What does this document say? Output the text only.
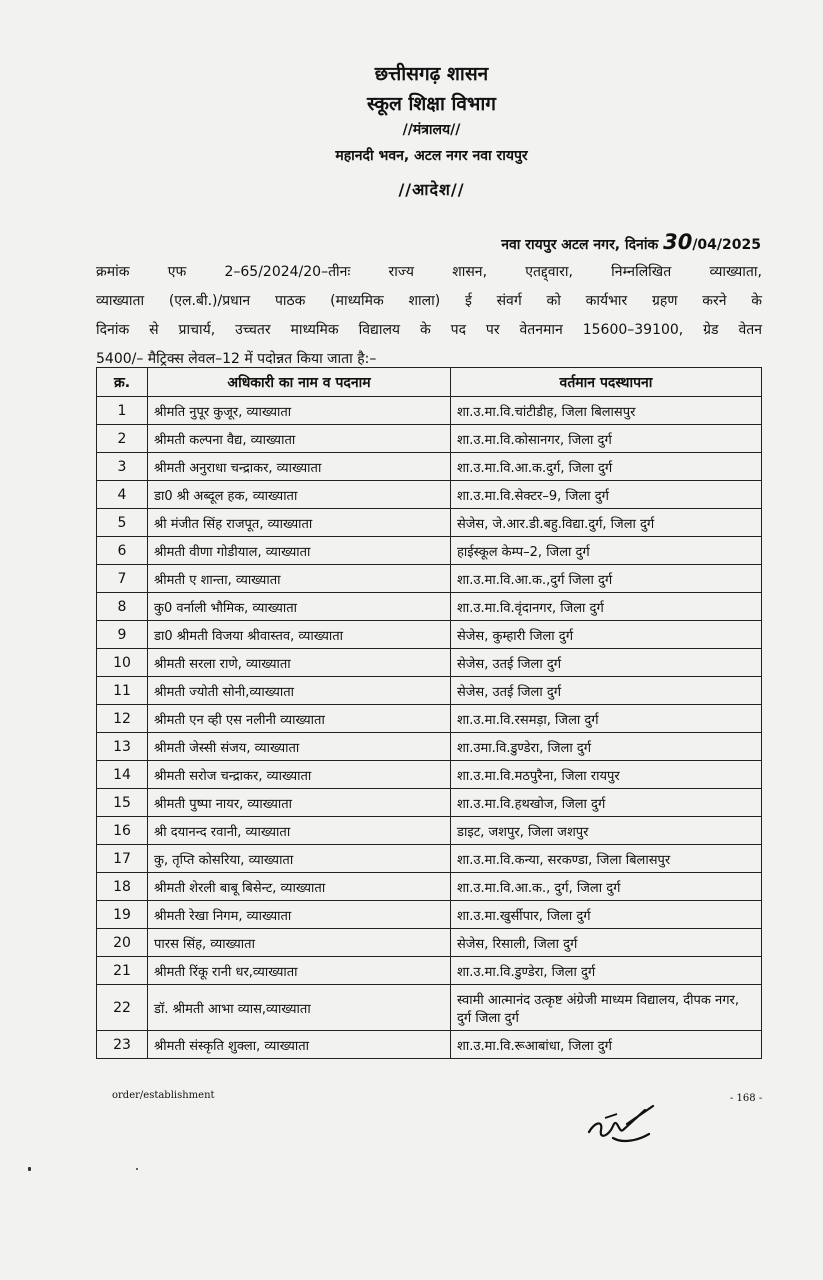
छत्तीसगढ़ शासन
स्कूल शिक्षा विभाग
//मंत्रालय//
महानदी भवन, अटल नगर नवा रायपुर
//आदेश//
नवा रायपुर अटल नगर, दिनांक 30/04/2025
क्रमांक एफ 2–65/2024/20–तीनः राज्य शासन, एतद्द्वारा, निम्नलिखित व्याख्याता,
व्याख्याता (एल.बी.)/प्रधान पाठक (माध्यमिक शाला) ई संवर्ग को कार्यभार ग्रहण करने के
दिनांक से प्राचार्य, उच्चतर माध्यमिक विद्यालय के पद पर वेतनमान 15600–39100, ग्रेड वेतन
5400/– मैट्रिक्स लेवल–12 में पदोन्नत किया जाता है:–
क्र.	अधिकारी का नाम व पदनाम	वर्तमान पदस्थापना
1	श्रीमति नुपूर कुजूर, व्याख्याता	शा.उ.मा.वि.चांटीडीह, जिला बिलासपुर
2	श्रीमती कल्पना वैद्य, व्याख्याता	शा.उ.मा.वि.कोसानगर, जिला दुर्ग
3	श्रीमती अनुराधा चन्द्राकर, व्याख्याता	शा.उ.मा.वि.आ.क.दुर्ग, जिला दुर्ग
4	डा0 श्री अब्दूल हक, व्याख्याता	शा.उ.मा.वि.सेक्टर–9, जिला दुर्ग
5	श्री मंजीत सिंह राजपूत, व्याख्याता	सेजेस, जे.आर.डी.बहु.विद्या.दुर्ग, जिला दुर्ग
6	श्रीमती वीणा गोडीयाल, व्याख्याता	हाईस्कूल केम्प–2, जिला दुर्ग
7	श्रीमती ए शान्ता, व्याख्याता	शा.उ.मा.वि.आ.क.,दुर्ग जिला दुर्ग
8	कु0 वर्नाली भौमिक, व्याख्याता	शा.उ.मा.वि.वृंदानगर, जिला दुर्ग
9	डा0 श्रीमती विजया श्रीवास्तव, व्याख्याता	सेजेस, कुम्हारी जिला दुर्ग
10	श्रीमती सरला राणे, व्याख्याता	सेजेस, उतई जिला दुर्ग
11	श्रीमती ज्योती सोनी,व्याख्याता	सेजेस, उतई जिला दुर्ग
12	श्रीमती एन व्ही एस नलीनी व्याख्याता	शा.उ.मा.वि.रसमड़ा, जिला दुर्ग
13	श्रीमती जेस्सी संजय, व्याख्याता	शा.उमा.वि.डुण्डेरा, जिला दुर्ग
14	श्रीमती सरोज चन्द्राकर, व्याख्याता	शा.उ.मा.वि.मठपुरैना, जिला रायपुर
15	श्रीमती पुष्पा नायर, व्याख्याता	शा.उ.मा.वि.हथखोज, जिला दुर्ग
16	श्री दयानन्द रवानी, व्याख्याता	डाइट, जशपुर, जिला जशपुर
17	कु, तृप्ति कोसरिया, व्याख्याता	शा.उ.मा.वि.कन्या, सरकण्डा, जिला बिलासपुर
18	श्रीमती शेरली बाबू बिसेन्ट, व्याख्याता	शा.उ.मा.वि.आ.क., दुर्ग, जिला दुर्ग
19	श्रीमती रेखा निगम, व्याख्याता	शा.उ.मा.खुर्सीपार, जिला दुर्ग
20	पारस सिंह, व्याख्याता	सेजेस, रिसाली, जिला दुर्ग
21	श्रीमती रिंकू रानी धर,व्याख्याता	शा.उ.मा.वि.डुण्डेरा, जिला दुर्ग
22	डॉ. श्रीमती आभा व्यास,व्याख्याता	स्वामी आत्मानंद उत्कृष्ट अंग्रेजी माध्यम विद्यालय, दीपक नगर, दुर्ग जिला दुर्ग
23	श्रीमती संस्कृति शुक्ला, व्याख्याता	शा.उ.मा.वि.रूआबांधा, जिला दुर्ग
order/establishment	- 168 -
